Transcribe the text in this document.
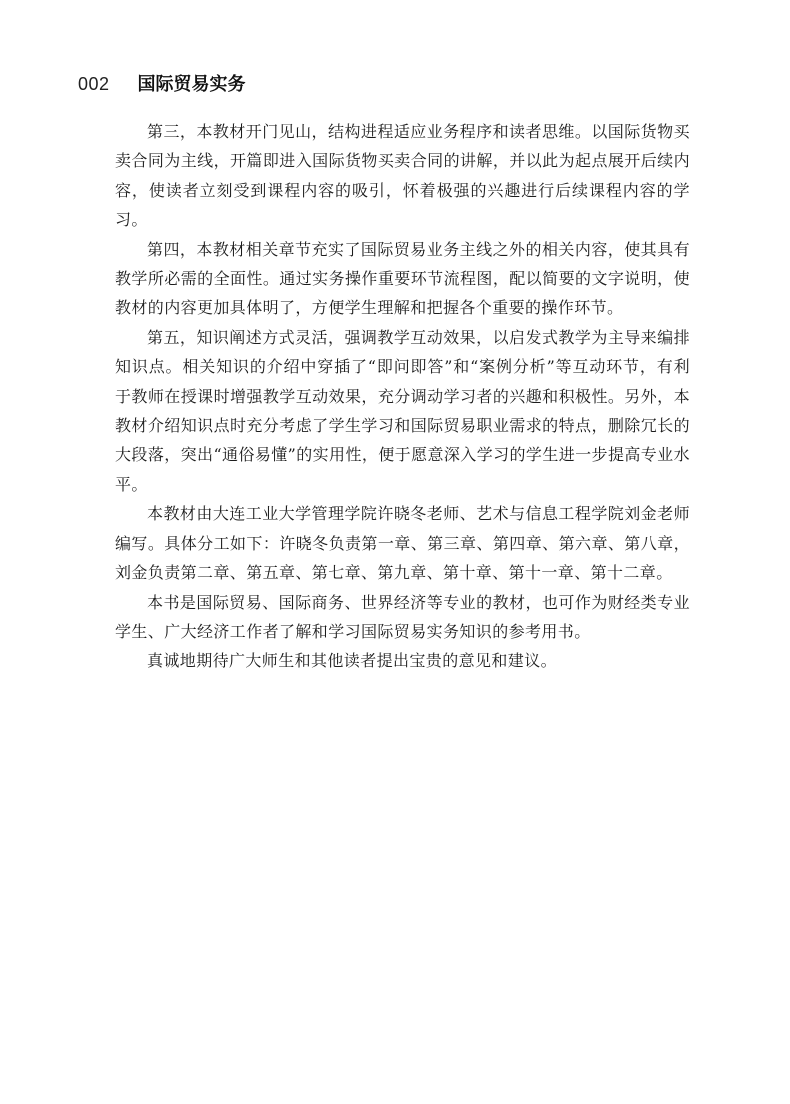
002 国际贸易实务

第三，本教材开门见山，结构进程适应业务程序和读者思维。以国际货物买卖合同为主线，开篇即进入国际货物买卖合同的讲解，并以此为起点展开后续内容，使读者立刻受到课程内容的吸引，怀着极强的兴趣进行后续课程内容的学习。

第四，本教材相关章节充实了国际贸易业务主线之外的相关内容，使其具有教学所必需的全面性。通过实务操作重要环节流程图，配以简要的文字说明，使教材的内容更加具体明了，方便学生理解和把握各个重要的操作环节。

第五，知识阐述方式灵活，强调教学互动效果，以启发式教学为主导来编排知识点。相关知识的介绍中穿插了“即问即答”和“案例分析”等互动环节，有利于教师在授课时增强教学互动效果，充分调动学习者的兴趣和积极性。另外，本教材介绍知识点时充分考虑了学生学习和国际贸易职业需求的特点，删除冗长的大段落，突出“通俗易懂”的实用性，便于愿意深入学习的学生进一步提高专业水平。

本教材由大连工业大学管理学院许晓冬老师、艺术与信息工程学院刘金老师编写。具体分工如下：许晓冬负责第一章、第三章、第四章、第六章、第八章，刘金负责第二章、第五章、第七章、第九章、第十章、第十一章、第十二章。

本书是国际贸易、国际商务、世界经济等专业的教材，也可作为财经类专业学生、广大经济工作者了解和学习国际贸易实务知识的参考用书。

真诚地期待广大师生和其他读者提出宝贵的意见和建议。
